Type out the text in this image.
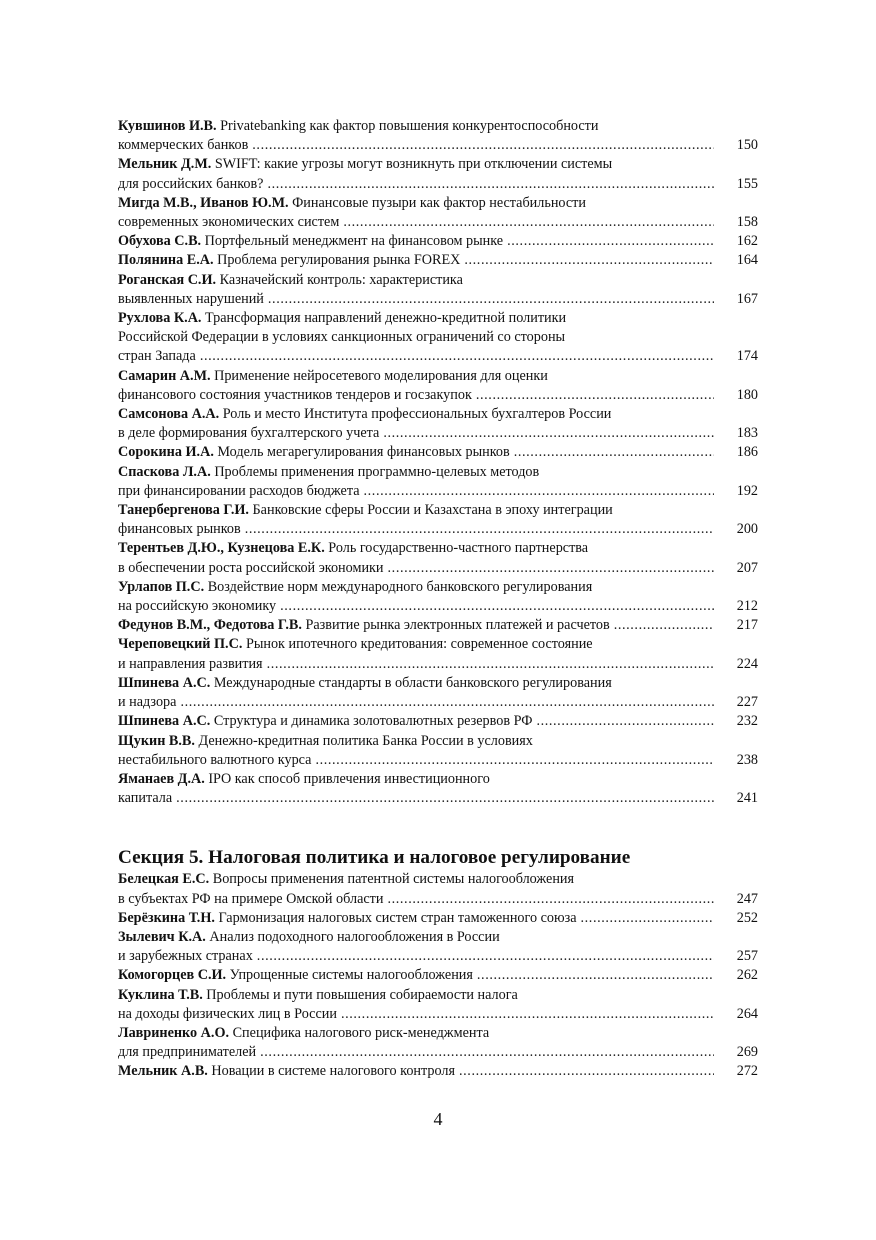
Кувшинов И.В. Privatebanking как фактор повышения конкурентоспособности
коммерческих банков .....	150
Мельник Д.М. SWIFT: какие угрозы могут возникнуть при отключении системы
для российских банков? .....	155
Мигда М.В., Иванов Ю.М. Финансовые пузыри как фактор нестабильности
современных экономических систем .....	158
Обухова С.В. Портфельный менеджмент на финансовом рынке .....	162
Полянина Е.А. Проблема регулирования рынка FOREX .....	164
Роганская С.И. Казначейский контроль: характеристика
выявленных нарушений .....	167
Рухлова К.А. Трансформация направлений денежно-кредитной политики
Российской Федерации в условиях санкционных ограничений со стороны
стран Запада .....	174
Самарин А.М. Применение нейросетевого моделирования для оценки
финансового состояния участников тендеров и госзакупок .....	180
Самсонова А.А. Роль и место Института профессиональных бухгалтеров России
в деле формирования бухгалтерского учета .....	183
Сорокина И.А. Модель мегарегулирования финансовых рынков .....	186
Спаскова Л.А. Проблемы применения программно-целевых методов
при финансировании расходов бюджета .....	192
Танербергенова Г.И. Банковские сферы России и Казахстана в эпоху интеграции
финансовых рынков .....	200
Терентьев Д.Ю., Кузнецова Е.К. Роль государственно-частного партнерства
в обеспечении роста российской экономики .....	207
Урлапов П.С. Воздействие норм международного банковского регулирования
на российскую экономику .....	212
Федунов В.М., Федотова Г.В. Развитие рынка электронных платежей и расчетов .....	217
Череповецкий П.С. Рынок ипотечного кредитования: современное состояние
и направления развития .....	224
Шпинева А.С. Международные стандарты в области банковского регулирования
и надзора .....	227
Шпинева А.С. Структура и динамика золотовалютных резервов РФ .....	232
Щукин В.В. Денежно-кредитная политика Банка России в условиях
нестабильного валютного курса .....	238
Яманаев Д.А. IPO как способ привлечения инвестиционного
капитала .....	241
Секция 5. Налоговая политика и налоговое регулирование
Белецкая Е.С. Вопросы применения патентной системы налогообложения
в субъектах РФ на примере Омской области .....	247
Берёзкина Т.Н. Гармонизация налоговых систем стран таможенного союза .....	252
Зылевич К.А. Анализ подоходного налогообложения в России
и зарубежных странах .....	257
Комогорцев С.И. Упрощенные системы налогообложения .....	262
Куклина Т.В. Проблемы и пути повышения собираемости налога
на доходы физических лиц в России .....	264
Лавриненко А.О. Специфика налогового риск-менеджмента
для предпринимателей .....	269
Мельник А.В. Новации в системе налогового контроля .....	272
4
